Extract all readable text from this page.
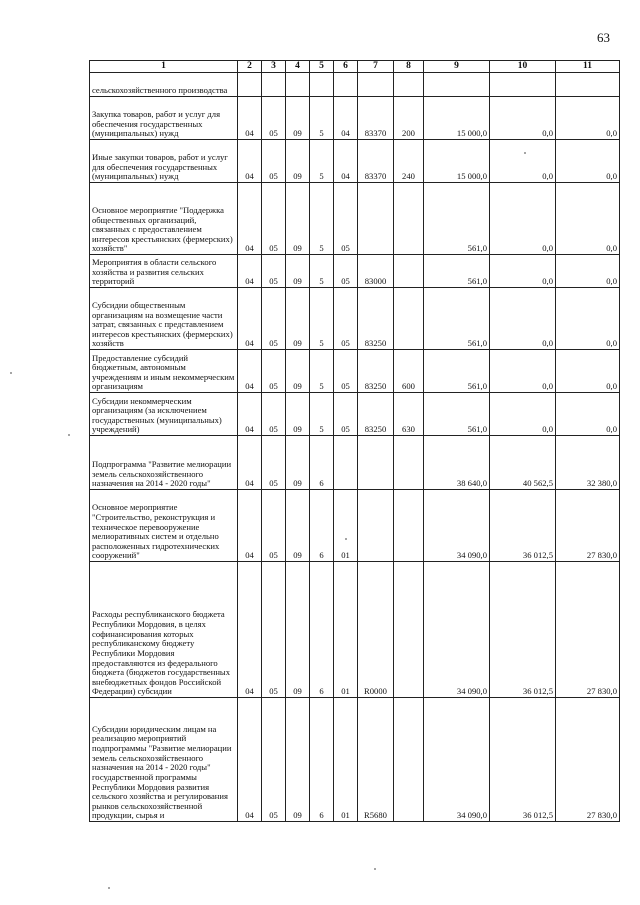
63
1	2	3	4	5	6	7	8	9	10	11
сельскохозяйственного производства										
Закупка товаров, работ и услуг для обеспечения государственных (муниципальных) нужд	04	05	09	5	04	83370	200	15 000,0	0,0	0,0
Иные закупки товаров, работ и услуг для обеспечения государственных (муниципальных) нужд	04	05	09	5	04	83370	240	15 000,0	0,0	0,0
Основное мероприятие "Поддержка общественных организаций, связанных с предоставлением интересов крестьянских (фермерских) хозяйств"	04	05	09	5	05			561,0	0,0	0,0
Мероприятия в области сельского хозяйства и развития сельских территорий	04	05	09	5	05	83000		561,0	0,0	0,0
Субсидии общественным организациям на возмещение части затрат, связанных с представлением интересов крестьянских (фермерских) хозяйств	04	05	09	5	05	83250		561,0	0,0	0,0
Предоставление субсидий бюджетным, автономным учреждениям и иным некоммерческим организациям	04	05	09	5	05	83250	600	561,0	0,0	0,0
Субсидии некоммерческим организациям (за исключением государственных (муниципальных) учреждений)	04	05	09	5	05	83250	630	561,0	0,0	0,0
Подпрограмма "Развитие мелиорации земель сельскохозяйственного назначения на 2014 - 2020 годы"	04	05	09	6				38 640,0	40 562,5	32 380,0
Основное мероприятие "Строительство, реконструкция и техническое перевооружение мелиоративных систем и отдельно расположенных гидротехнических сооружений"	04	05	09	6	01			34 090,0	36 012,5	27 830,0
Расходы республиканского бюджета Республики Мордовия, в целях софинансирования которых республиканскому бюджету Республики Мордовия предоставляются из федерального бюджета (бюджетов государственных внебюджетных фондов Российской Федерации) субсидии	04	05	09	6	01	R0000		34 090,0	36 012,5	27 830,0
Субсидии юридическим лицам на реализацию мероприятий подпрограммы "Развитие мелиорации земель сельскохозяйственного назначения на 2014 - 2020 годы" государственной программы Республики Мордовия развития сельского хозяйства и регулирования рынков сельскохозяйственной продукции, сырья и	04	05	09	6	01	R5680		34 090,0	36 012,5	27 830,0
